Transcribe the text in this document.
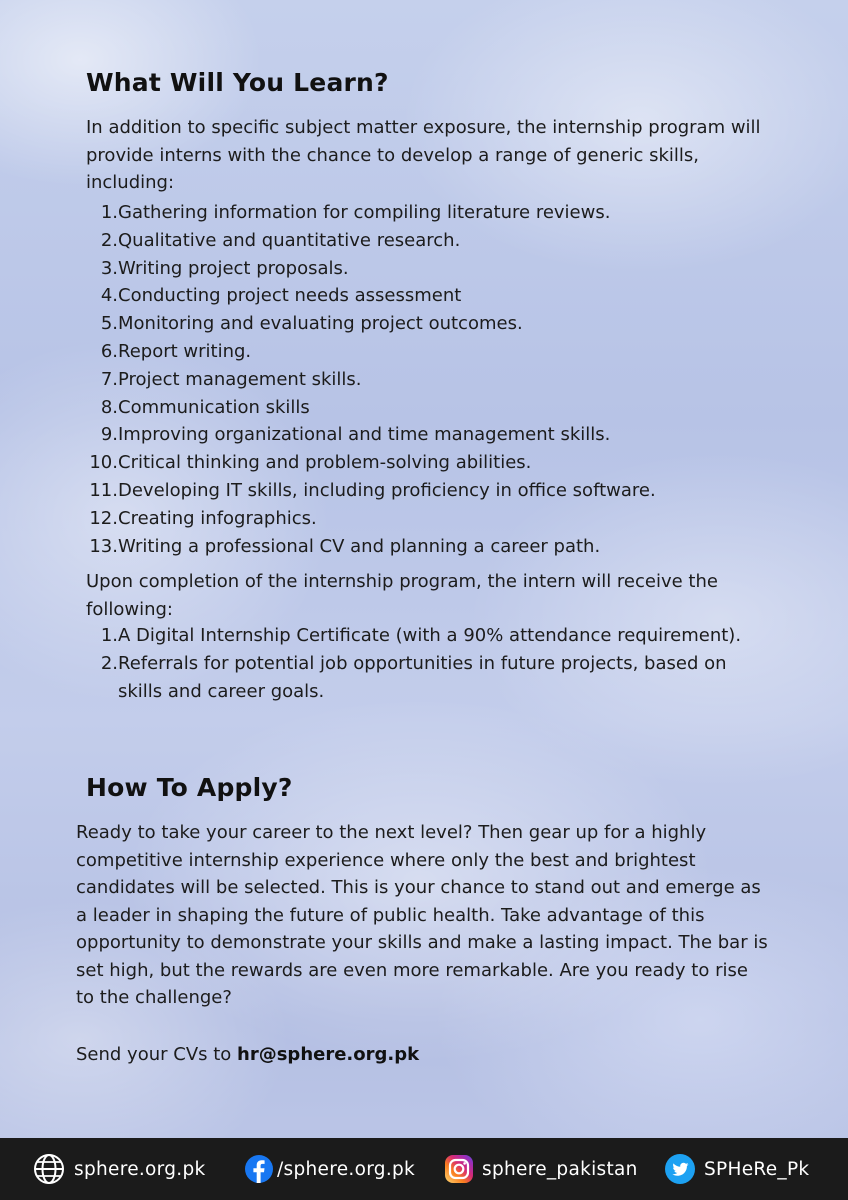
What Will You Learn?

In addition to specific subject matter exposure, the internship program will provide interns with the chance to develop a range of generic skills, including:

1. Gathering information for compiling literature reviews.
2. Qualitative and quantitative research.
3. Writing project proposals.
4. Conducting project needs assessment
5. Monitoring and evaluating project outcomes.
6. Report writing.
7. Project management skills.
8. Communication skills
9. Improving organizational and time management skills.
10. Critical thinking and problem-solving abilities.
11. Developing IT skills, including proficiency in office software.
12. Creating infographics.
13. Writing a professional CV and planning a career path.

Upon completion of the internship program, the intern will receive the following:

1. A Digital Internship Certificate (with a 90% attendance requirement).
2. Referrals for potential job opportunities in future projects, based on skills and career goals.
How To Apply?

Ready to take your career to the next level? Then gear up for a highly competitive internship experience where only the best and brightest candidates will be selected. This is your chance to stand out and emerge as a leader in shaping the future of public health. Take advantage of this opportunity to demonstrate your skills and make a lasting impact. The bar is set high, but the rewards are even more remarkable. Are you ready to rise to the challenge?

Send your CVs to hr@sphere.org.pk

sphere.org.pk	/sphere.org.pk	sphere_pakistan	SPHeRe_Pk
